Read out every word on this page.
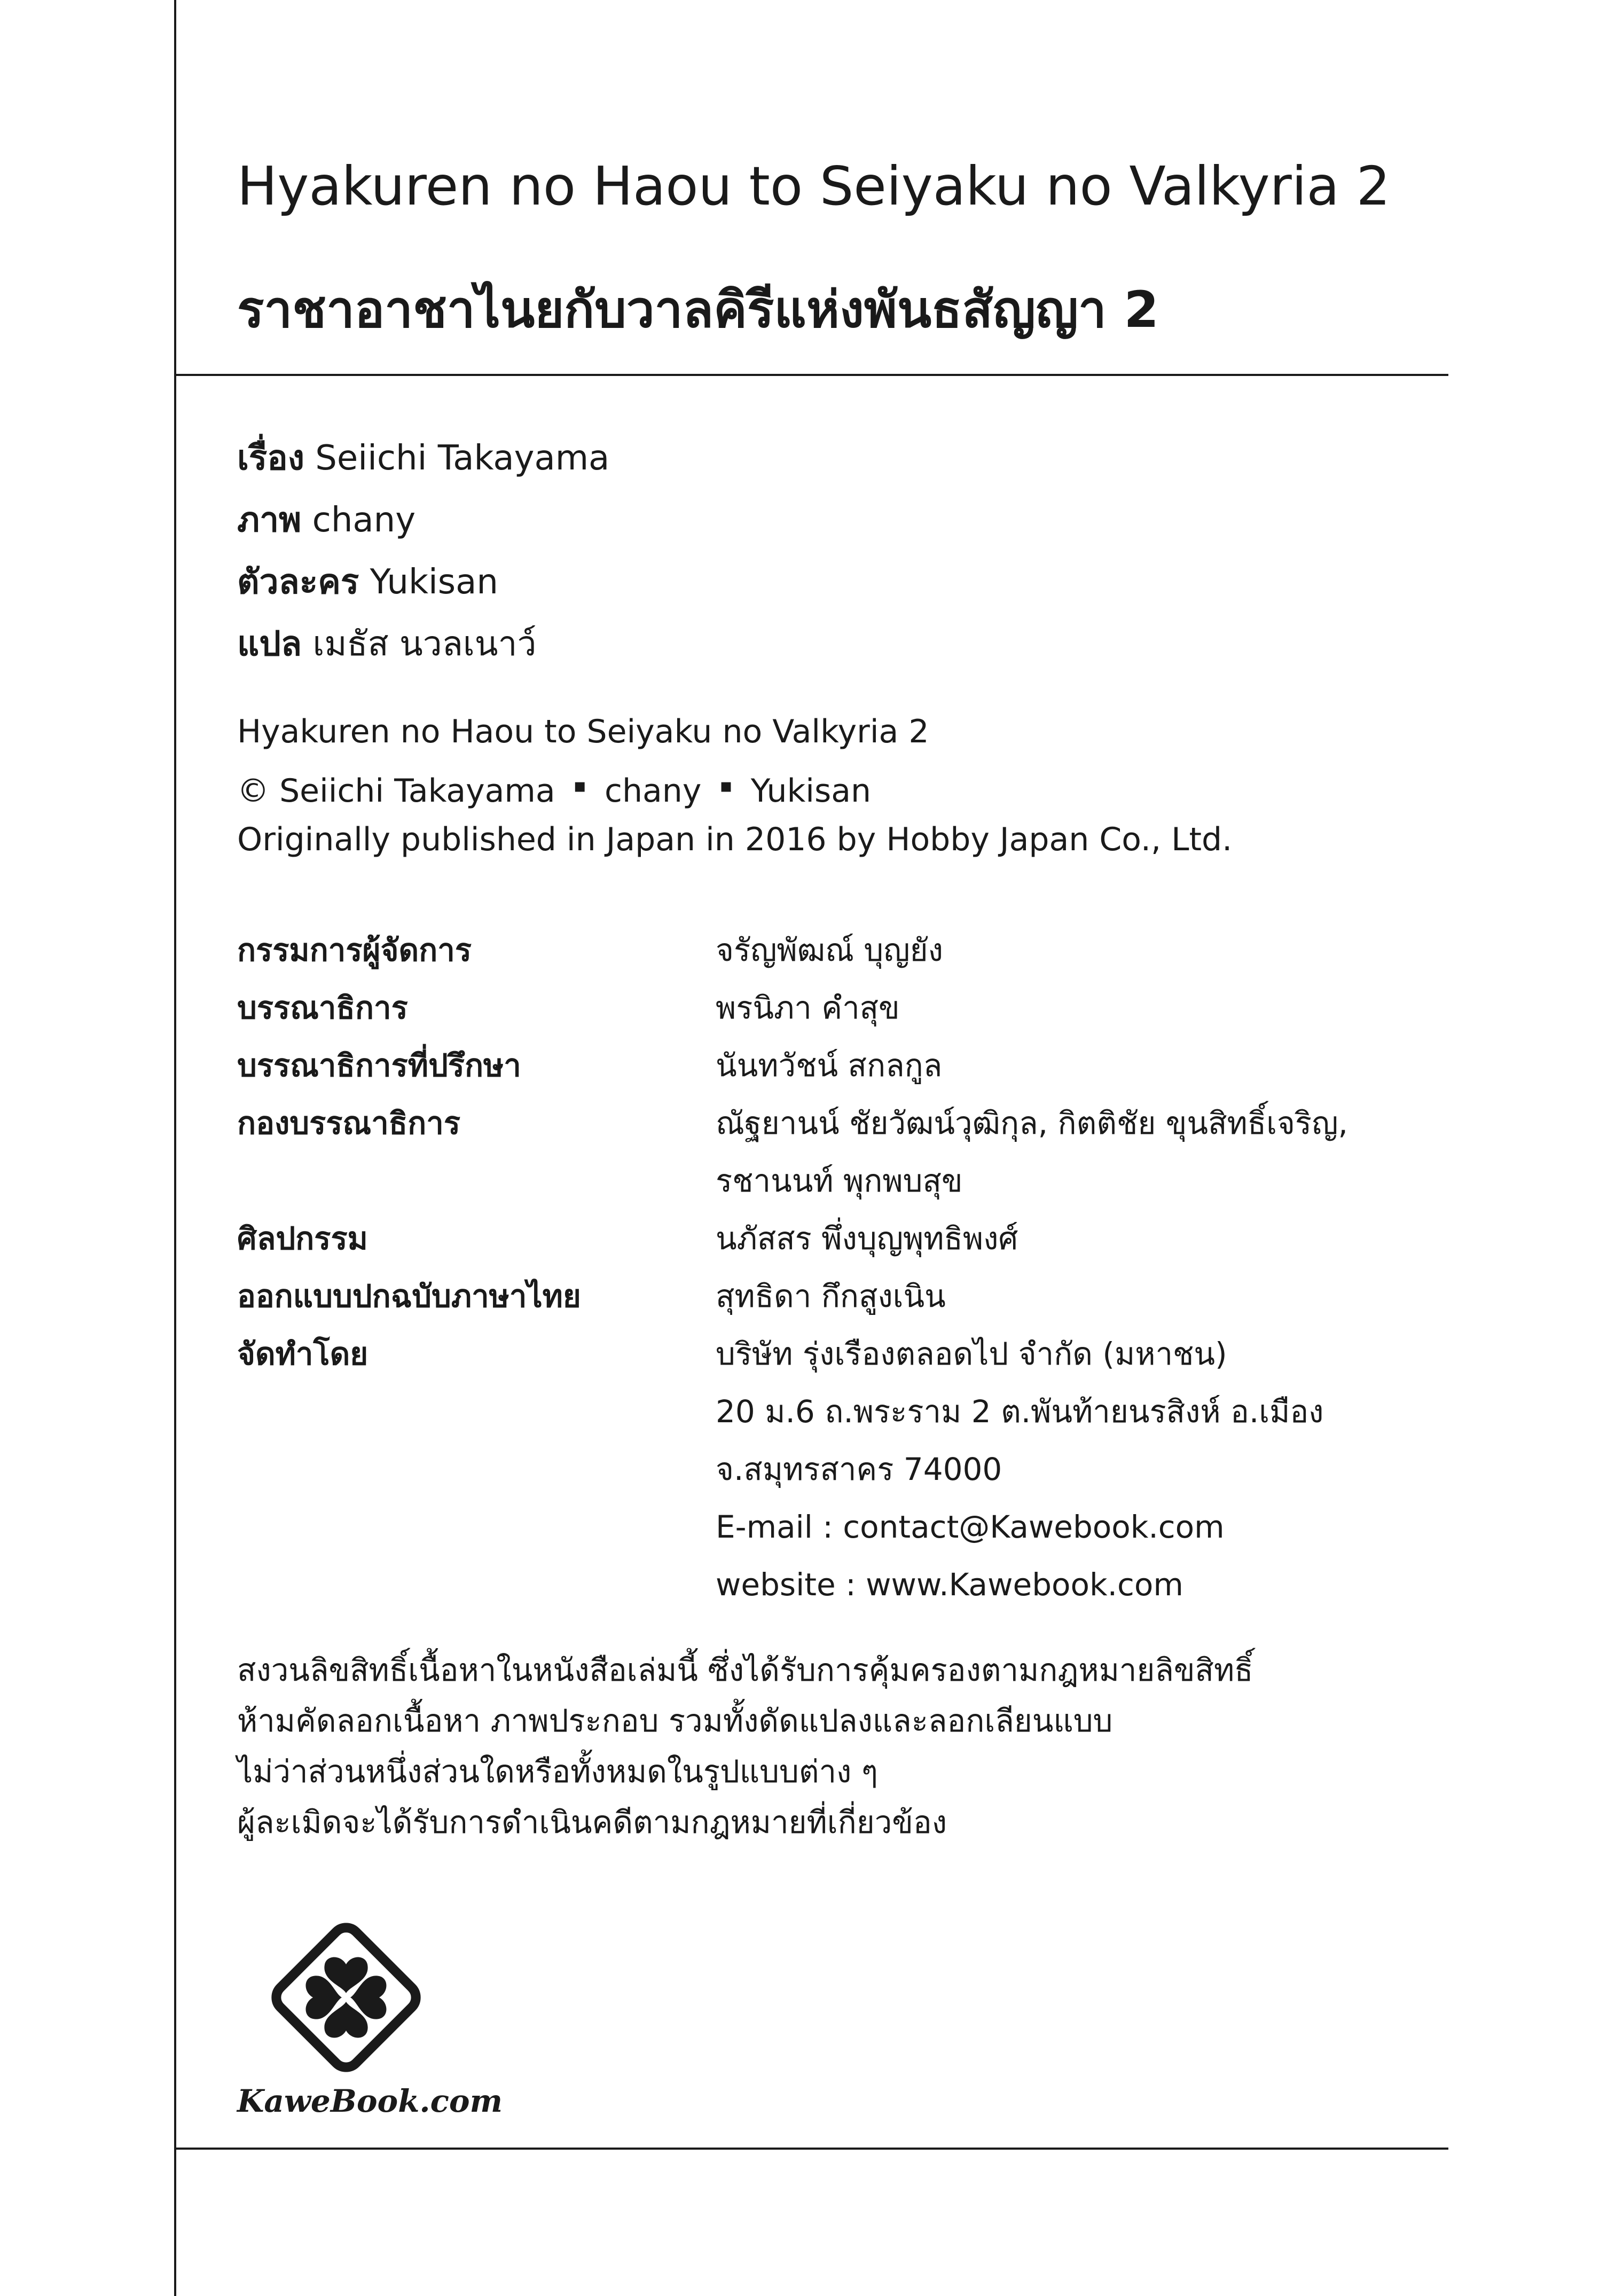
Hyakuren no Haou to Seiyaku no Valkyria 2
ราชาอาชาไนยกับวาลคิรีแห่งพันธสัญญา 2
เรื่อง Seiichi Takayama
ภาพ chany
ตัวละคร Yukisan
แปล เมธัส นวลเนาว์
Hyakuren no Haou to Seiyaku no Valkyria 2
© Seiichi Takayama ▪ chany ▪ Yukisan
Originally published in Japan in 2016 by Hobby Japan Co., Ltd.
กรรมการผู้จัดการ	จรัญพัฒณ์ บุญยัง
บรรณาธิการ	พรนิภา คำสุข
บรรณาธิการที่ปรึกษา	นันทวัชน์ สกลกูล
กองบรรณาธิการ	ณัฐยานน์ ชัยวัฒน์วุฒิกุล, กิตติชัย ขุนสิทธิ์เจริญ,
รชานนท์ พุกพบสุข
ศิลปกรรม	นภัสสร พึ่งบุญพุทธิพงศ์
ออกแบบปกฉบับภาษาไทย	สุทธิดา กึกสูงเนิน
จัดทำโดย	บริษัท รุ่งเรืองตลอดไป จำกัด (มหาชน)
20 ม.6 ถ.พระราม 2 ต.พันท้ายนรสิงห์ อ.เมือง
จ.สมุทรสาคร 74000
E-mail : contact@Kawebook.com
website : www.Kawebook.com
สงวนลิขสิทธิ์เนื้อหาในหนังสือเล่มนี้ ซึ่งได้รับการคุ้มครองตามกฎหมายลิขสิทธิ์
ห้ามคัดลอกเนื้อหา ภาพประกอบ รวมทั้งดัดแปลงและลอกเลียนแบบ
ไม่ว่าส่วนหนึ่งส่วนใดหรือทั้งหมดในรูปแบบต่าง ๆ
ผู้ละเมิดจะได้รับการดำเนินคดีตามกฎหมายที่เกี่ยวข้อง
KaweBook.com
